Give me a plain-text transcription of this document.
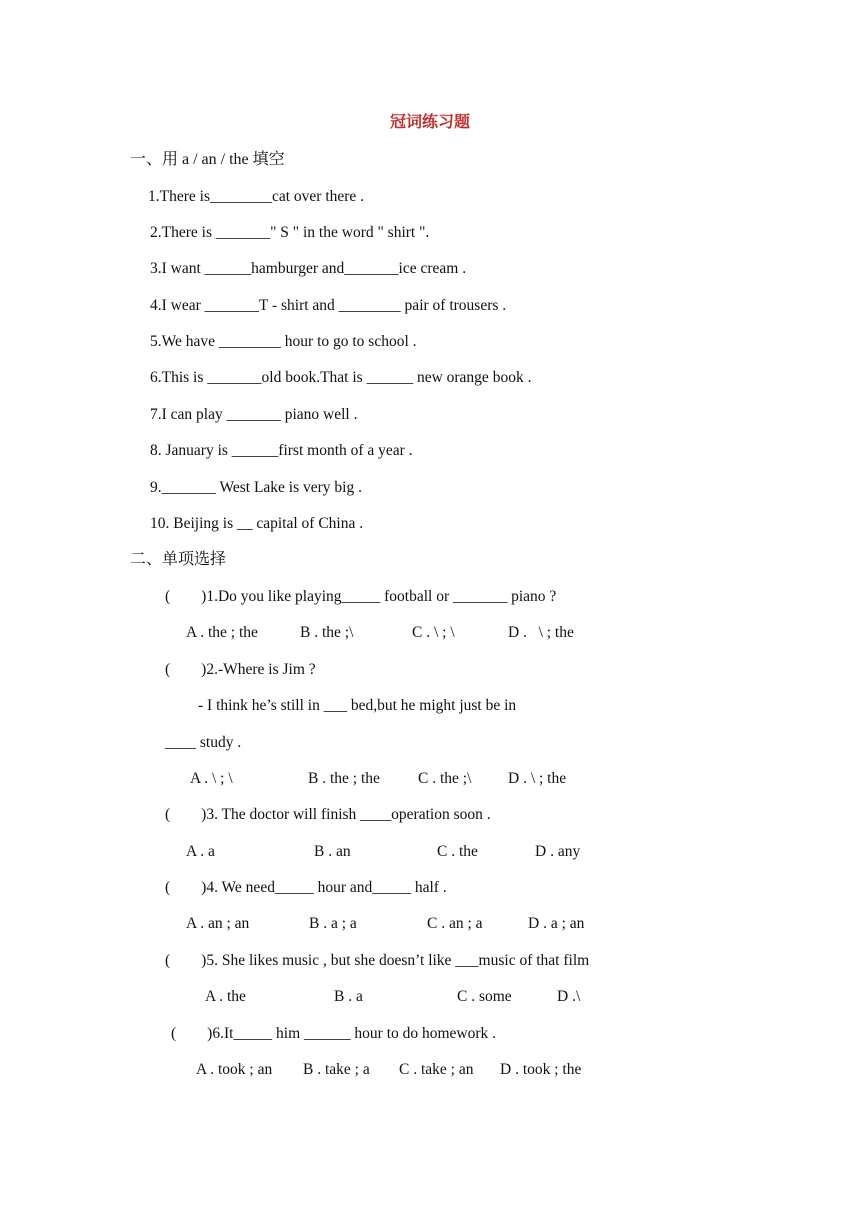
冠词练习题
一、用 a / an / the 填空
1.There is________cat over there .
2.There is _______" S " in the word " shirt ".
3.I want ______hamburger and_______ice cream .
4.I wear _______T - shirt and ________ pair of trousers .
5.We have ________ hour to go to school .
6.This is _______old book.That is ______ new orange book .
7.I can play _______ piano well .
8. January is ______first month of a year .
9._______ West Lake is very big .
10. Beijing is __ capital of China .
二、单项选择
(        )1.Do you like playing_____ football or _______ piano ?
A . the ; the	B . the ;\	C . \ ; \	D .   \ ; the
(        )2.-Where is Jim ?
- I think he’s still in ___ bed,but he might just be in
____ study .
A . \ ; \	B . the ; the C . the ;\ D . \ ; the
(        )3. The doctor will finish ____operation soon .
A . a	B . an	C . the	D . any
(        )4. We need_____ hour and_____ half .
A . an ; an	B . a ; a	C . an ; a	D . a ; an
(        )5. She likes music , but she doesn’t like ___music of that film
A . the	B . a	C . some	D .\
(        )6.It_____ him ______ hour to do homework .
A . took ; an B . take ; a C . take ; an D . took ; the
